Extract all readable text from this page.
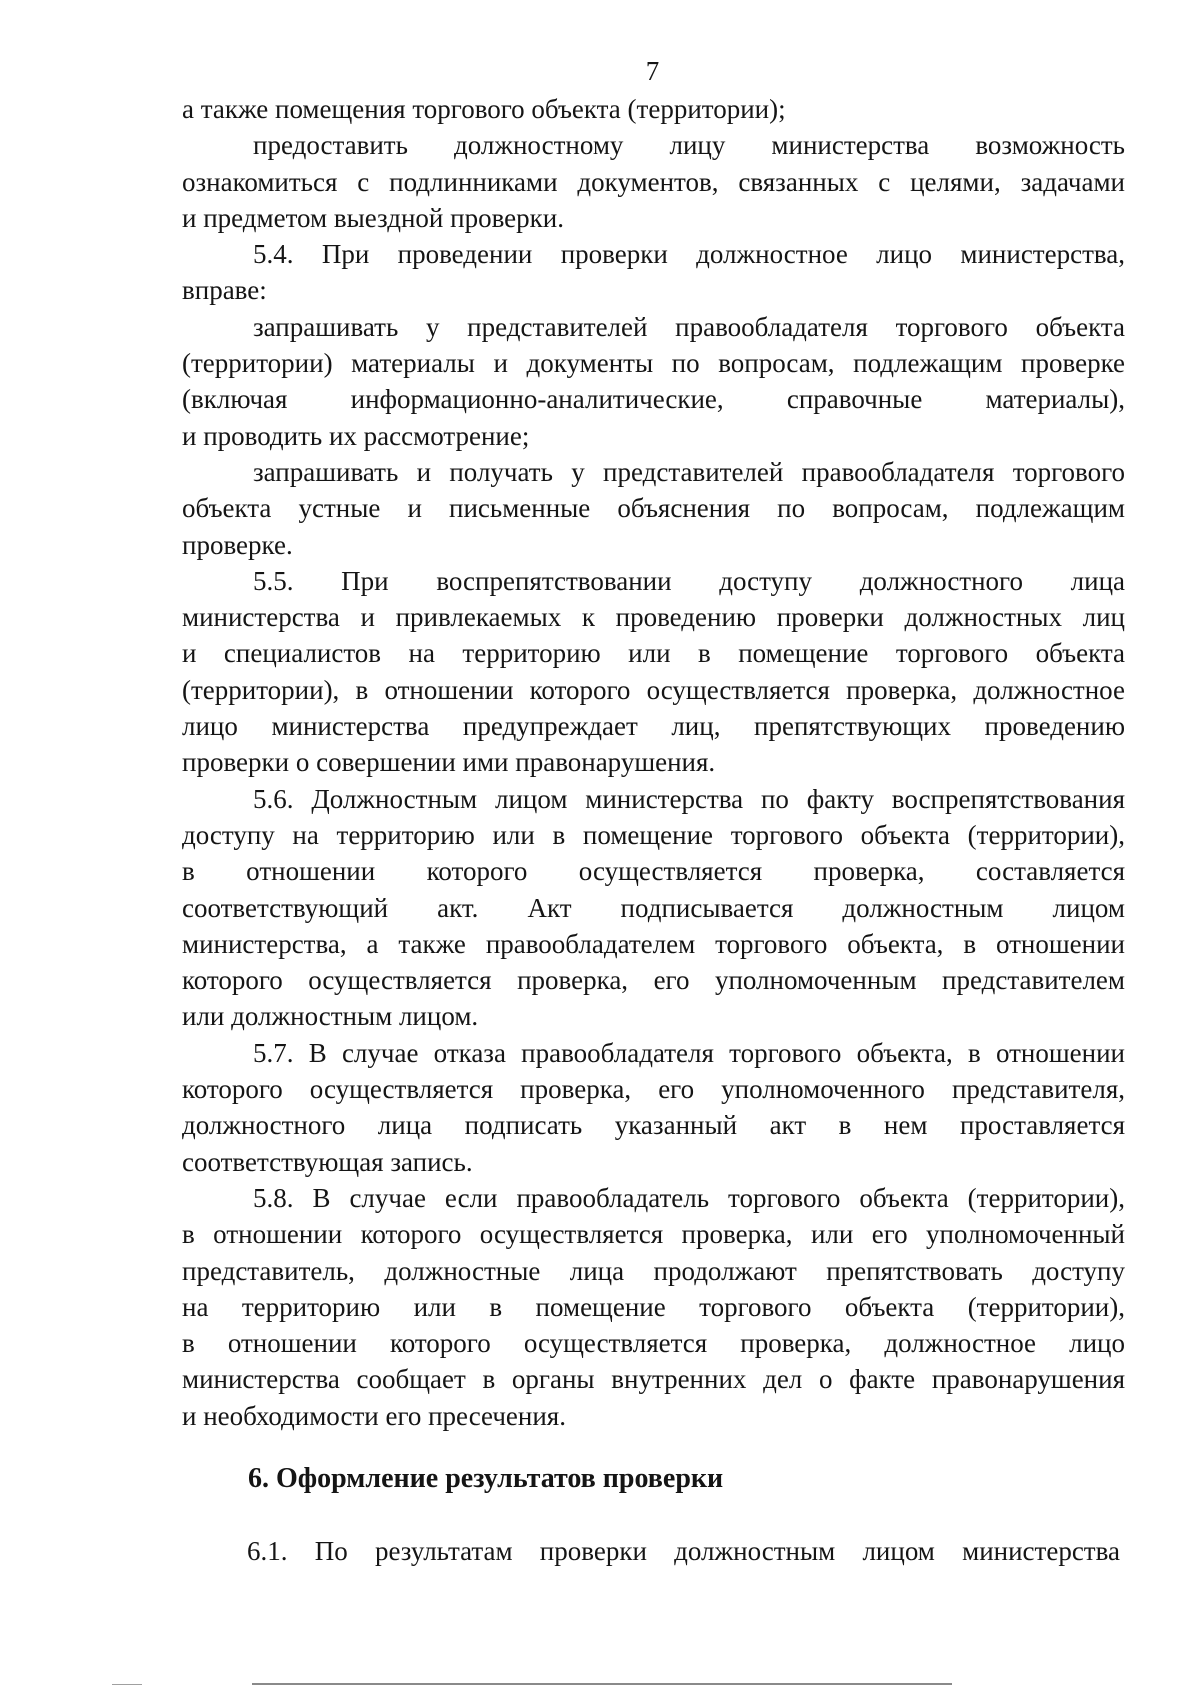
7

а также помещения торгового объекта (территории);

предоставить должностному лицу министерства возможность

ознакомиться с подлинниками документов, связанных с целями, задачами

и предметом выездной проверки.

5.4. При проведении проверки должностное лицо министерства,

вправе:

запрашивать у представителей правообладателя торгового объекта

(территории) материалы и документы по вопросам, подлежащим проверке

(включая информационно-аналитические, справочные материалы),

и проводить их рассмотрение;

запрашивать и получать у представителей правообладателя торгового

объекта устные и письменные объяснения по вопросам, подлежащим

проверке.

5.5. При воспрепятствовании доступу должностного лица

министерства и привлекаемых к проведению проверки должностных лиц

и специалистов на территорию или в помещение торгового объекта

(территории), в отношении которого осуществляется проверка, должностное

лицо министерства предупреждает лиц, препятствующих проведению

проверки о совершении ими правонарушения.

5.6. Должностным лицом министерства по факту воспрепятствования

доступу на территорию или в помещение торгового объекта (территории),

в отношении которого осуществляется проверка, составляется

соответствующий акт. Акт подписывается должностным лицом

министерства, а также правообладателем торгового объекта, в отношении

которого осуществляется проверка, его уполномоченным представителем

или должностным лицом.

5.7. В случае отказа правообладателя торгового объекта, в отношении

которого осуществляется проверка, его уполномоченного представителя,

должностного лица подписать указанный акт в нем проставляется

соответствующая запись.

5.8. В случае если правообладатель торгового объекта (территории),

в отношении которого осуществляется проверка, или его уполномоченный

представитель, должностные лица продолжают препятствовать доступу

на территорию или в помещение торгового объекта (территории),

в отношении которого осуществляется проверка, должностное лицо

министерства сообщает в органы внутренних дел о факте правонарушения

и необходимости его пресечения.

6. Оформление результатов проверки
6.1. По результатам проверки должностным лицом министерства
